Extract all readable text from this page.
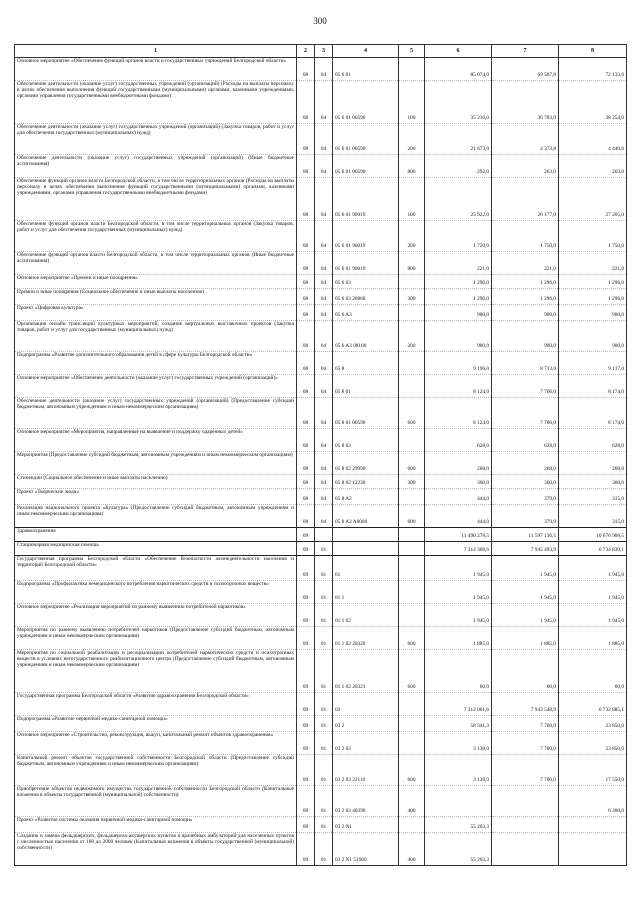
300
1	2	3	4	5	6	7	8
Основное мероприятие «Обеспечение функций органов власти и государственных учреждений Белгородской области»	08	04	05 6 01		85 074,0	69 567,8	72 133,6
Обеспечение деятельности (оказание услуг) государственных учреждений (организаций) (Расходы на выплаты персоналу в целях обеспечения выполнения функций государственными (муниципальными) органами, казенными учреждениями, органами управления государственными внебюджетными фондами)	08	04	05 6 01 00590	100	35 216,0	36 783,0	38 254,0
Обеспечение деятельности (оказание услуг) государственных учреждений (организаций) (Закупка товаров, работ и услуг для обеспечения государственных (муниципальных) нужд)	08	04	05 6 01 00590	200	21 673,0	4 373,8	4 440,6
Обеспечение деятельности (оказание услуг) государственных учреждений (организаций) (Иные бюджетные ассигнования)	08	04	05 6 01 00590	800	292,0	263,0	263,0
Обеспечение функций органов власти Белгородской области, в том числе территориальных органов (Расходы на выплаты персоналу в целях обеспечения выполнения функций государственными (муниципальными) органами, казенными учреждениями, органами управления государственными внебюджетными фондами)	08	04	05 6 01 90019	100	25 922,0	26 177,0	27 205,0
Обеспечение функций органов власти Белгородской области, в том числе территориальных органов (Закупка товаров, работ и услуг для обеспечения государственных (муниципальных) нужд)	08	04	05 6 01 90019	200	1 750,0	1 750,0	1 750,0
Обеспечение функций органов власти Белгородской области, в том числе территориальных органов (Иные бюджетные ассигнования)	08	04	05 6 01 90019	800	221,0	221,0	221,0
Основное мероприятие «Премии и иные поощрения»	08	04	05 6 03		1 296,0	1 296,0	1 296,0
Премии и иные поощрения (Социальное обеспечение и иные выплаты населению)	08	04	05 6 03 20860	300	1 296,0	1 296,0	1 296,0
Проект «Цифровая культура»	08	04	05 6 A3		900,0	900,0	900,0
Организация онлайн трансляций культурных мероприятий, создание виртуальных выставочных проектов (Закупка товаров, работ и услуг для государственных (муниципальных) нужд)	08	04	05 6 A3 08100	200	900,0	900,0	900,0
Подпрограмма «Развитие дополнительного образования детей в сфере культуры Белгородской области»	08	04	05 8		9 196,0	8 713,0	9 117,0
Основное мероприятие «Обеспечение деятельности (оказание услуг) государственных учреждений (организаций)»	08	04	05 8 01		8 124,0	7 706,0	8 174,0
Обеспечение деятельности (оказание услуг) государственных учреждений (организаций) (Предоставление субсидий бюджетным, автономным учреждениям и иным некоммерческим организациям)	08	04	05 8 01 00590	600	8 124,0	7 706,0	8 174,0
Основное мероприятие «Мероприятия, направленные на выявление и поддержку одаренных детей»	08	04	05 8 02		628,0	628,0	628,0
Мероприятия (Предоставление субсидий бюджетным, автономным учреждениям и иным некоммерческим организациям)	08	04	05 8 02 29990	600	268,0	268,0	268,0
Стипендии (Социальное обеспечение и иные выплаты населению)	08	04	05 8 02 12230	300	360,0	360,0	360,0
Проект «Творческие люди»	08	04	05 8 A2		444,0	379,0	315,0
Реализация национального проекта «Культура» (Предоставление субсидий бюджетным, автономным учреждениям и иным некоммерческим организациям)	08	04	05 8 A2 A0000	600	444,0	379,0	315,0
Здравоохранение	09				11 490 278,5	11 597 130,5	10 676 906,5
Стационарная медицинская помощь	09	01			7 314 368,6	7 945 493,9	6 734 830,1
Государственная программа Белгородской области «Обеспечение безопасности жизнедеятельности населения и территорий Белгородской области»	09	01	01		1 945,0	1 945,0	1 945,0
Подпрограмма «Профилактика немедицинского потребления наркотических средств и психотропных веществ»	09	01	01 1		1 945,0	1 945,0	1 945,0
Основное мероприятие «Реализация мероприятий по раннему выявлению потребителей наркотиков»	09	01	01 1 02		1 945,0	1 945,0	1 945,0
Мероприятия по раннему выявлению потребителей наркотиков (Предоставление субсидий бюджетным, автономным учреждениям и иным некоммерческим организациям)	09	01	01 1 02 20320	600	1 885,0	1 885,0	1 885,0
Мероприятия по социальной реабилитации и ресоциализации потребителей наркотических средств и психотропных веществ в условиях негосударственного реабилитационного центра (Предоставление субсидий бюджетным, автономным учреждениям и иным некоммерческим организациям)	09	01	01 1 02 20321	600	60,0	60,0	60,0
Государственная программа Белгородской области «Развитие здравоохранения Белгородской области»	09	01	03		7 312 001,6	7 943 548,9	6 732 885,1
Подпрограмма «Развитие первичной медико-санитарной помощи»	09	01	03 2		58 341,3	7 700,0	23 850,0
Основное мероприятие «Строительство, реконструкция, выкуп, капитальный ремонт объектов здравоохранения»	09	01	03 2 03		3 138,0	7 700,0	23 850,0
Капитальный ремонт объектов государственной собственности Белгородской области (Предоставление субсидий бюджетным, автономным учреждениям и иным некоммерческим организациям)	09	01	03 2 03 22110	600	3 138,0	7 700,0	17 550,0
Приобретение объектов недвижимого имущества государственной собственности Белгородской области (Капитальные вложения в объекты государственной (муниципальной) собственности)	09	01	03 2 03 40390	400			6 300,0
Проект «Развитие системы оказания первичной медико-санитарной помощи»	09	01	03 2 N1		55 203,3		
Создание и замена фельдшерских, фельдшерско-акушерских пунктов и врачебных амбулаторий для населенных пунктов с численностью населения от 100 до 2000 человек (Капитальные вложения в объекты государственной (муниципальной) собственности)	09	01	03 2 N1 51960	400	55 203,3		
